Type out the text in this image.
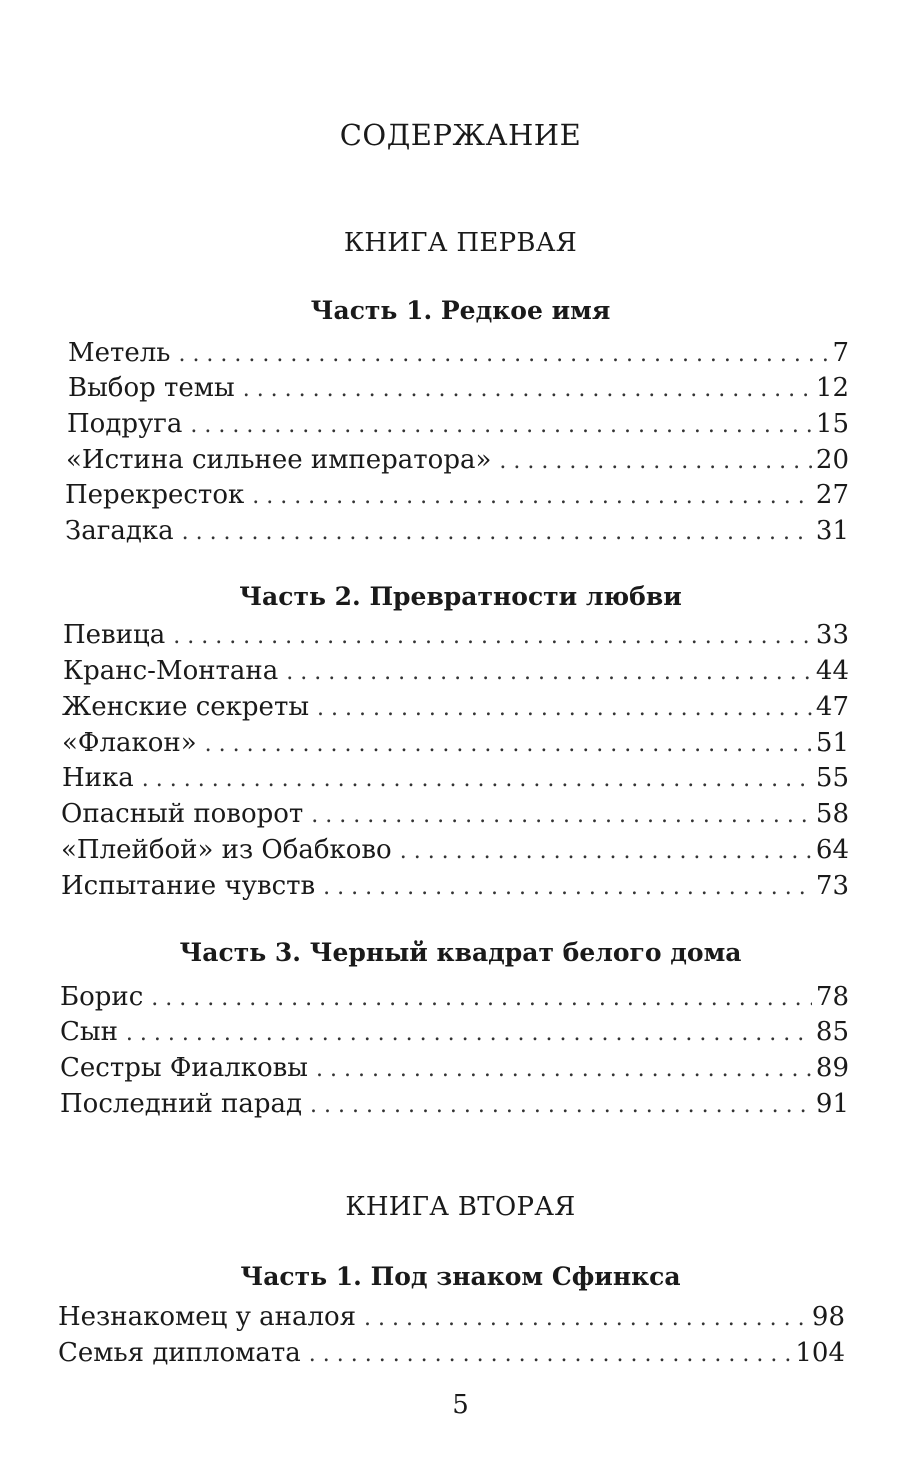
СОДЕРЖАНИЕ
КНИГА ПЕРВАЯ
Часть 1. Редкое имя
Метель . . .	7
Выбор темы . . .	12
Подруга . . .	15
«Истина сильнее императора» . . .	20
Перекресток . . .	27
Загадка . . .	31
Часть 2. Превратности любви
Певица . . .	33
Кранс-Монтана . . .	44
Женские секреты . . .	47
«Флакон» . . .	51
Ника . . .	55
Опасный поворот . . .	58
«Плейбой» из Обабково . . .	64
Испытание чувств . . .	73
Часть 3. Черный квадрат белого дома
Борис . . .	78
Сын . . .	85
Сестры Фиалковы . . .	89
Последний парад . . .	91
КНИГА ВТОРАЯ
Часть 1. Под знаком Сфинкса
Незнакомец у аналоя . . .	98
Семья дипломата . . .	104
5
